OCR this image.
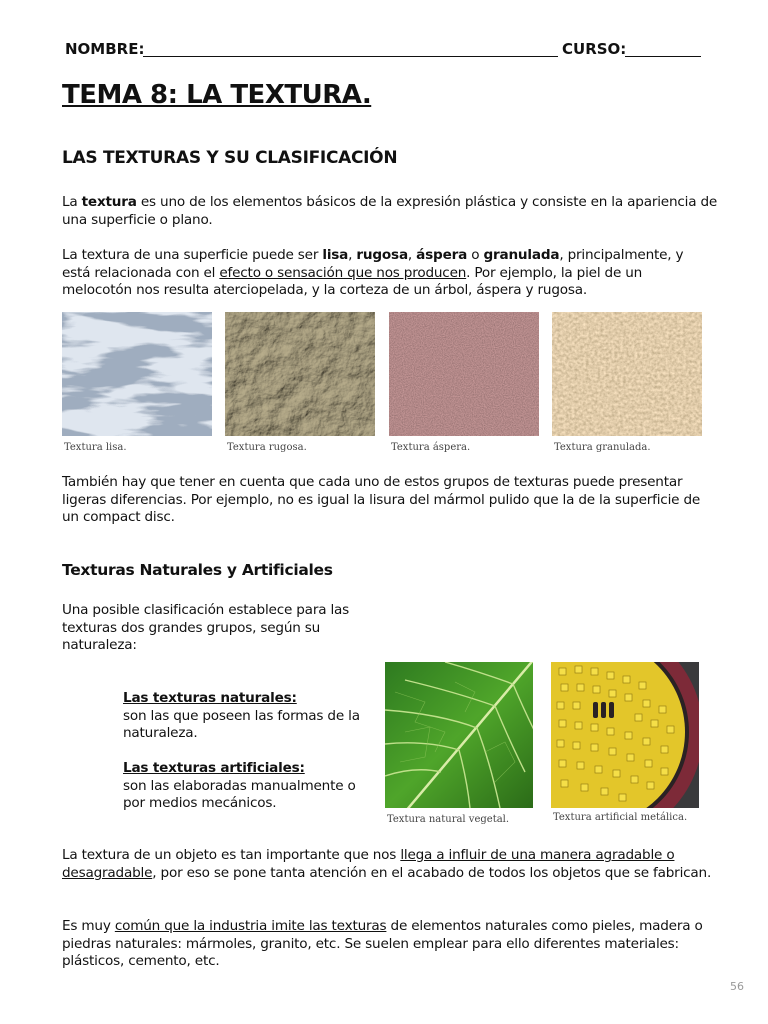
NOMBRE:	CURSO:
TEMA 8: LA TEXTURA.
LAS TEXTURAS Y SU CLASIFICACIÓN
La textura es uno de los elementos básicos de la expresión plástica y consiste en la apariencia de una superficie o plano.
La textura de una superficie puede ser lisa, rugosa, áspera o granulada, principalmente, y está relacionada con el efecto o sensación que nos producen. Por ejemplo, la piel de un melocotón nos resulta aterciopelada, y la corteza de un árbol, áspera y rugosa.
Textura lisa.	Textura rugosa.	Textura áspera.	Textura granulada.
También hay que tener en cuenta que cada uno de estos grupos de texturas puede presentar ligeras diferencias. Por ejemplo, no es igual la lisura del mármol pulido que la de la superficie de un compact disc.
Texturas Naturales y Artificiales
Una posible clasificación establece para las texturas dos grandes grupos, según su naturaleza:
Las texturas naturales:
son las que poseen las formas de la naturaleza.
Las texturas artificiales:
son las elaboradas manualmente o por medios mecánicos.
Textura natural vegetal.	Textura artificial metálica.
La textura de un objeto es tan importante que nos llega a influir de una manera agradable o desagradable, por eso se pone tanta atención en el acabado de todos los objetos que se fabrican.
Es muy común que la industria imite las texturas de elementos naturales como pieles, madera o piedras naturales: mármoles, granito, etc. Se suelen emplear para ello diferentes materiales: plásticos, cemento, etc.
56
